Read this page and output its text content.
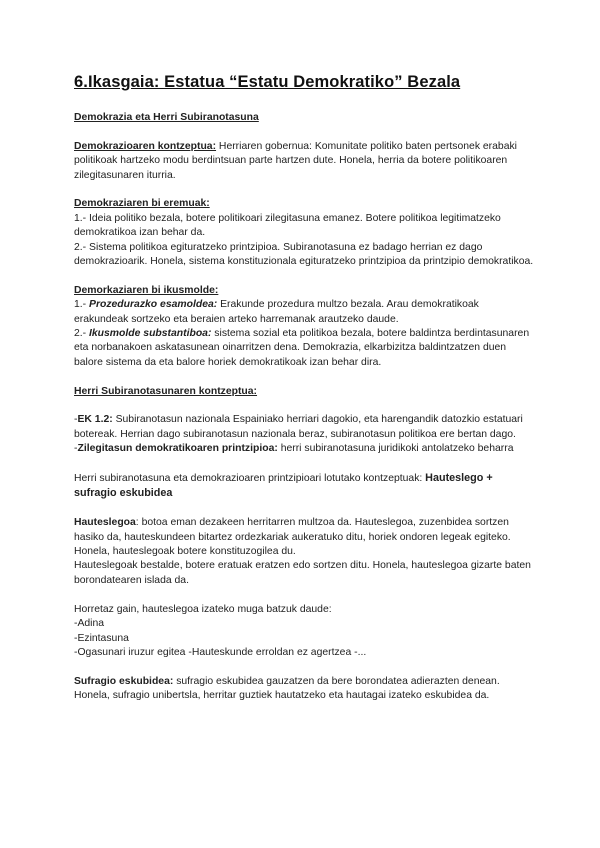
6.Ikasgaia: Estatua “Estatu Demokratiko” Bezala

Demokrazia eta Herri Subiranotasuna

Demokrazioaren kontzeptua: Herriaren gobernua: Komunitate politiko baten pertsonek erabaki politikoak hartzeko modu berdintsuan parte hartzen dute. Honela, herria da botere politikoaren zilegitasunaren iturria.

Demokraziaren bi eremuak:

1.- Ideia politiko bezala, botere politikoari zilegitasuna emanez. Botere politikoa legitimatzeko demokratikoa izan behar da.

2.- Sistema politikoa egituratzeko printzipioa. Subiranotasuna ez badago herrian ez dago demokrazioarik. Honela, sistema konstituzionala egituratzeko printzipioa da printzipio demokratikoa.

Demorkaziaren bi ikusmolde:

1.- Prozedurazko esamoldea: Erakunde prozedura multzo bezala. Arau demokratikoak erakundeak sortzeko eta beraien arteko harremanak arautzeko daude.

2.- Ikusmolde substantiboa: sistema sozial eta politikoa bezala, botere baldintza berdintasunaren eta norbanakoen askatasunean oinarritzen dena. Demokrazia, elkarbizitza baldintzatzen duen balore sistema da eta balore horiek demokratikoak izan behar dira.

Herri Subiranotasunaren kontzeptua:

-EK 1.2: Subiranotasun nazionala Espainiako herriari dagokio, eta harengandik datozkio estatuari botereak. Herrian dago subiranotasun nazionala beraz, subiranotasun politikoa ere bertan dago.

-Zilegitasun demokratikoaren printzipioa: herri subiranotasuna juridikoki antolatzeko beharra

Herri subiranotasuna eta demokrazioaren printzipioari lotutako kontzeptuak: Hauteslego + sufragio eskubidea

Hauteslegoa: botoa eman dezakeen herritarren multzoa da. Hauteslegoa, zuzenbidea sortzen hasiko da, hauteskundeen bitartez ordezkariak aukeratuko ditu, horiek ondoren legeak egiteko. Honela, hauteslegoak botere konstituzogilea du.

Hauteslegoak bestalde, botere eratuak eratzen edo sortzen ditu. Honela, hauteslegoa gizarte baten borondatearen islada da.

Horretaz gain, hauteslegoa izateko muga batzuk daude:

-Adina

-Ezintasuna

-Ogasunari iruzur egitea -Hauteskunde erroldan ez agertzea -...

Sufragio eskubidea: sufragio eskubidea gauzatzen da bere borondatea adierazten denean. Honela, sufragio unibertsla, herritar guztiek hautatzeko eta hautagai izateko eskubidea da.
